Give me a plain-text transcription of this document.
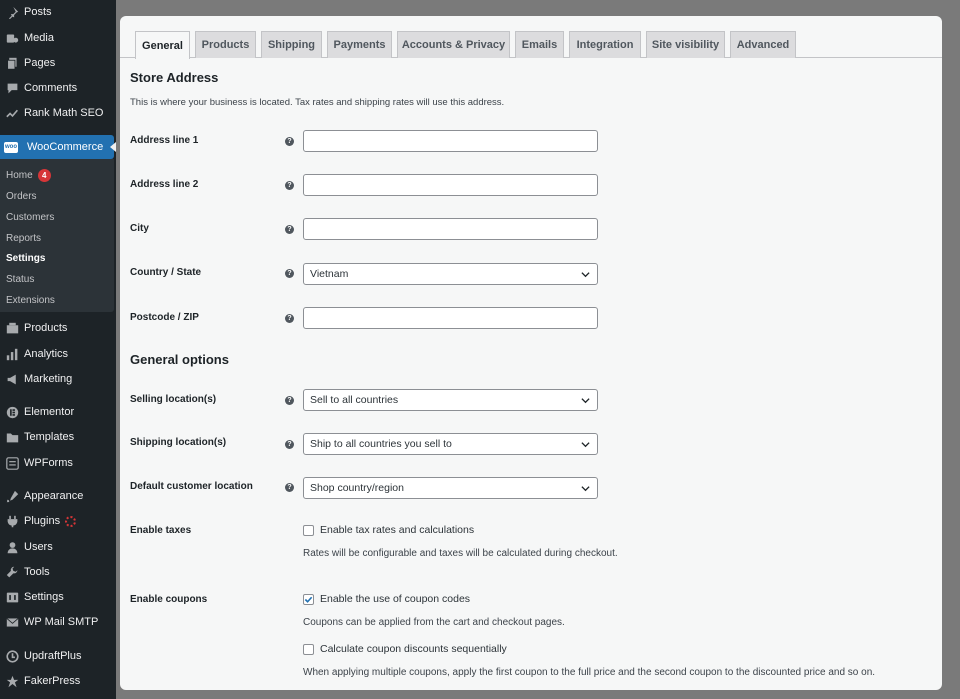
Posts
Media
Pages
Comments
Rank Math SEO
woo WooCommerce
Home	4
Orders
Customers
Reports
Settings
Status
Extensions
Products
Analytics
Marketing
Elementor
Templates
WPForms
Appearance
Plugins
Users
Tools
Settings
WP Mail SMTP
UpdraftPlus
FakerPress
General	Products	Shipping	Payments	Accounts & Privacy	Emails	Integration	Site visibility	Advanced
Store Address
This is where your business is located. Tax rates and shipping rates will use this address.
Address line 1	?
Address line 2	?
City	?
Country / State	? Vietnam
Postcode / ZIP	?
General options
Selling location(s)	? Sell to all countries
Shipping location(s)	? Ship to all countries you sell to
Default customer location	? Shop country/region
Enable taxes	Enable tax rates and calculations
Rates will be configurable and taxes will be calculated during checkout.
Enable coupons	Enable the use of coupon codes
Coupons can be applied from the cart and checkout pages.
Calculate coupon discounts sequentially
When applying multiple coupons, apply the first coupon to the full price and the second coupon to the discounted price and so on.
